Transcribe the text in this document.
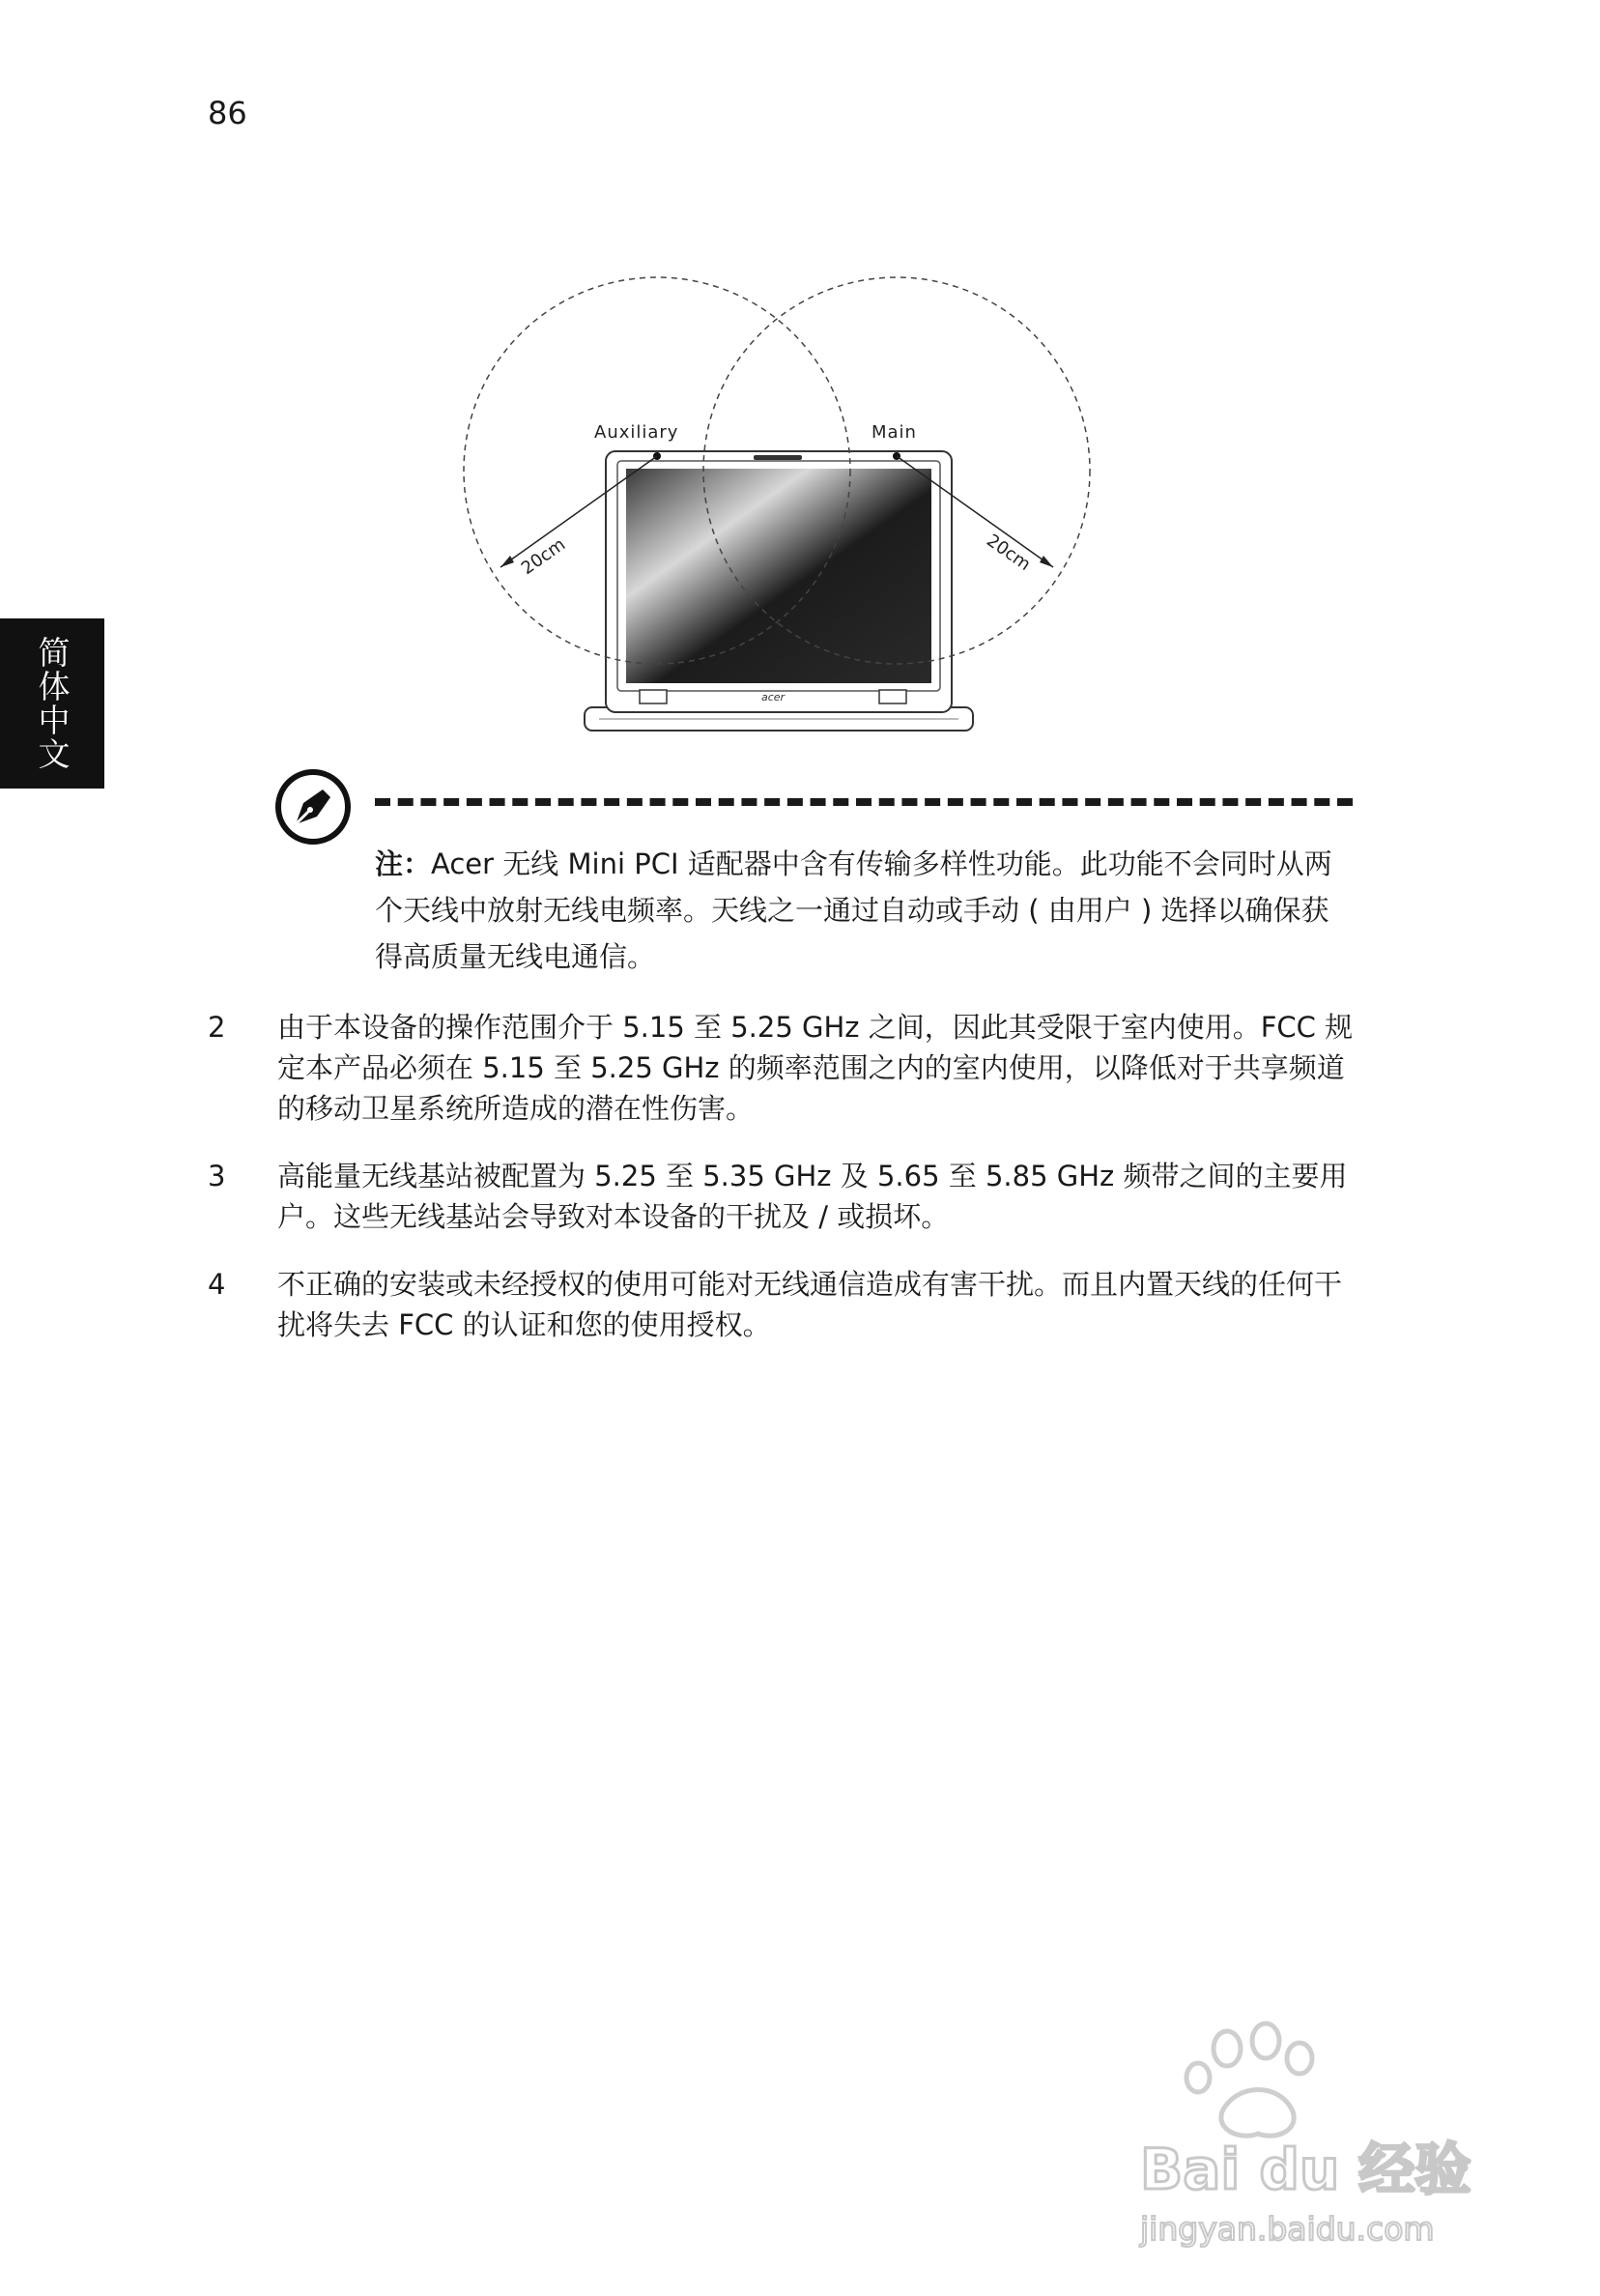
86
简体中文	acer
Auxiliary	Main
20cm	20cm
注：Acer 无线 Mini PCI 适配器中含有传输多样性功能。此功能不会同时从两个天线中放射无线电频率。天线之一通过自动或手动 ( 由用户 ) 选择以确保获得高质量无线电通信。
2	由于本设备的操作范围介于 5.15 至 5.25 GHz 之间，因此其受限于室内使用。FCC 规定本产品必须在 5.15 至 5.25 GHz 的频率范围之内的室内使用，以降低对于共享频道的移动卫星系统所造成的潜在性伤害。
3	高能量无线基站被配置为 5.25 至 5.35 GHz 及 5.65 至 5.85 GHz 频带之间的主要用户。这些无线基站会导致对本设备的干扰及 / 或损坏。
4	不正确的安装或未经授权的使用可能对无线通信造成有害干扰。而且内置天线的任何干扰将失去 FCC 的认证和您的使用授权。
Bai du 经验
jingyan.baidu.com
